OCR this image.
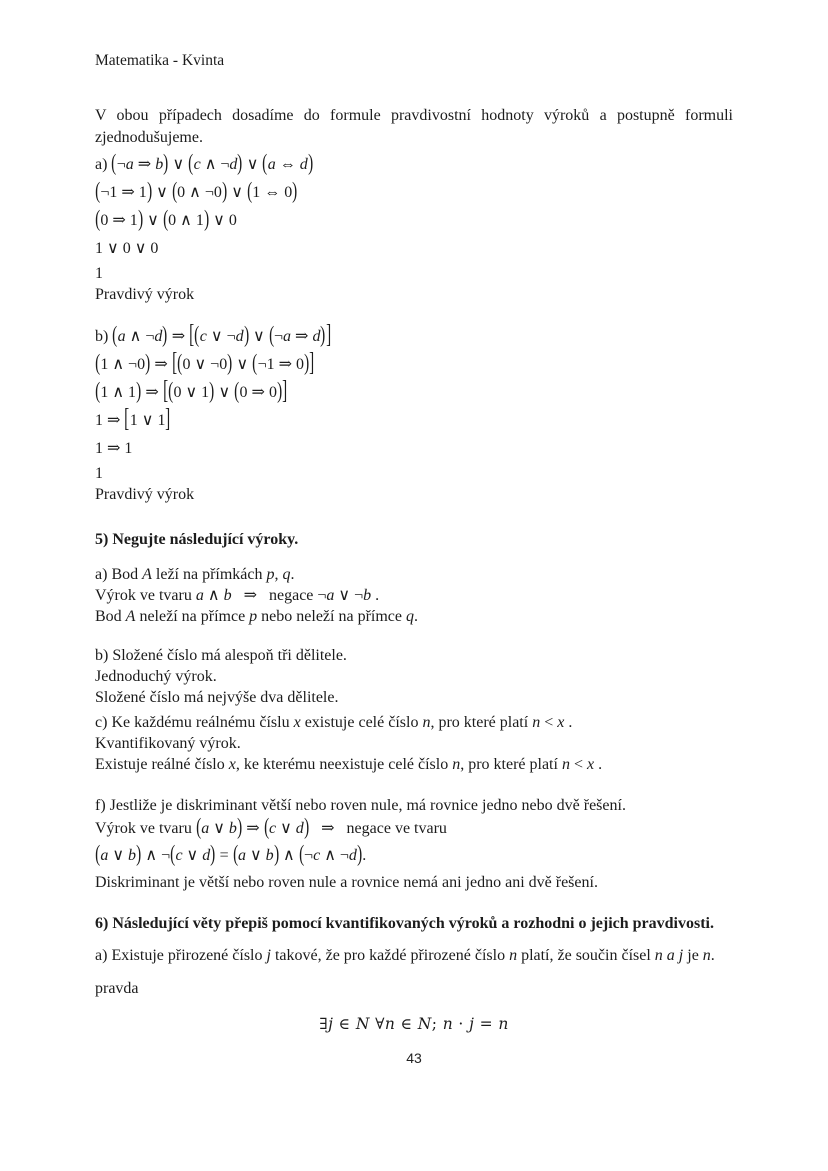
Matematika - Kvinta
V obou případech dosadíme do formule pravdivostní hodnoty výroků a postupně formuli zjednodušujeme.
a) (¬a ⇒ b) ∨ (c ∧ ¬d) ∨ (a ⇔ d)
(¬1 ⇒ 1) ∨ (0 ∧ ¬0) ∨ (1 ⇔ 0)
(0 ⇒ 1) ∨ (0 ∧ 1) ∨ 0
1 ∨ 0 ∨ 0
1
Pravdivý výrok
b) (a ∧ ¬d) ⇒ [(c ∨ ¬d) ∨ (¬a ⇒ d)]
(1 ∧ ¬0) ⇒ [(0 ∨ ¬0) ∨ (¬1 ⇒ 0)]
(1 ∧ 1) ⇒ [(0 ∨ 1) ∨ (0 ⇒ 0)]
1 ⇒ [1 ∨ 1]
1 ⇒ 1
1
Pravdivý výrok
5) Negujte následující výroky.
a) Bod A leží na přímkách p, q.
Výrok ve tvaru a ∧ b  ⇒  negace ¬a ∨ ¬b .
Bod A neleží na přímce p nebo neleží na přímce q.
b) Složené číslo má alespoň tři dělitele.
Jednoduchý výrok.
Složené číslo má nejvýše dva dělitele.
c) Ke každému reálnému číslu x existuje celé číslo n, pro které platí n < x .
Kvantifikovaný výrok.
Existuje reálné číslo x, ke kterému neexistuje celé číslo n, pro které platí n < x .
f) Jestliže je diskriminant větší nebo roven nule, má rovnice jedno nebo dvě řešení.
Výrok ve tvaru (a ∨ b) ⇒ (c ∨ d)  ⇒  negace ve tvaru
(a ∨ b) ∧ ¬(c ∨ d) = (a ∨ b) ∧ (¬c ∧ ¬d).
Diskriminant je větší nebo roven nule a rovnice nemá ani jedno ani dvě řešení.
6) Následující věty přepiš pomocí kvantifikovaných výroků a rozhodni o jejich pravdivosti.
a) Existuje přirozené číslo j takové, že pro každé přirozené číslo n platí, že součin čísel n a j je n.
pravda
∃j ∈ N ∀n ∈ N; n · j = n
43
